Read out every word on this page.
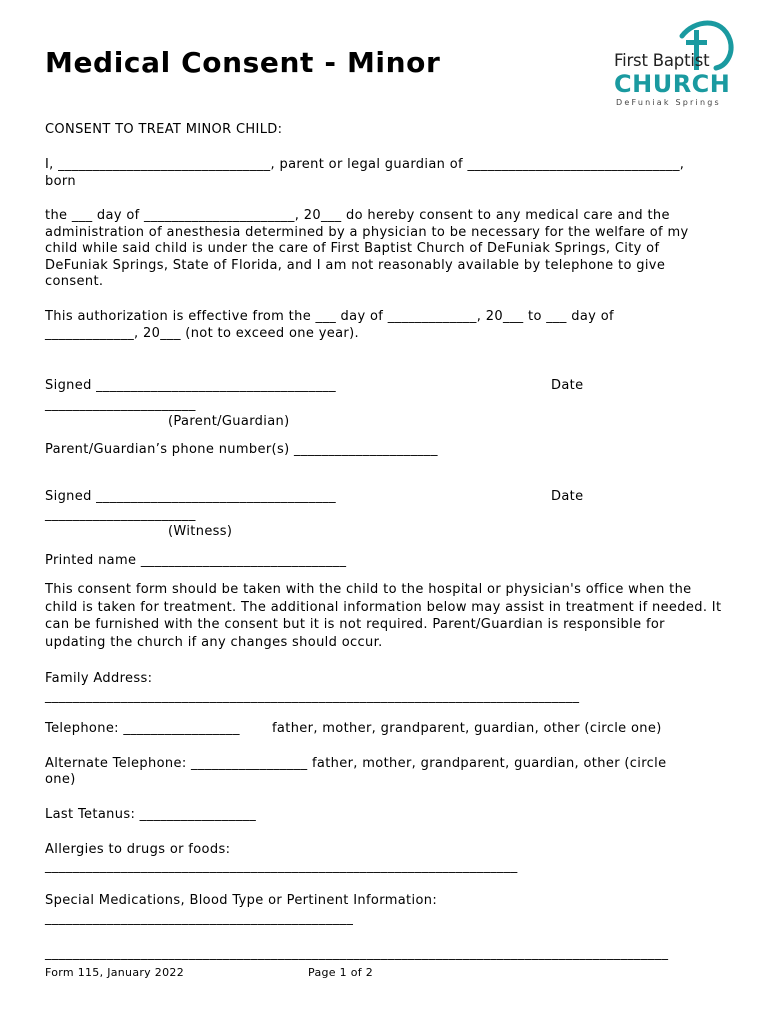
Medical Consent - Minor	First Baptist
CHURCH
DeFuniak Springs
CONSENT TO TREAT MINOR CHILD:
I, _______________________________, parent or legal guardian of _______________________________,
born
the ___ day of ______________________, 20___ do hereby consent to any medical care and the administration of anesthesia determined by a physician to be necessary for the welfare of my child while said child is under the care of First Baptist Church of DeFuniak Springs, City of DeFuniak Springs, State of Florida, and I am not reasonably available by telephone to give consent.
This authorization is effective from the ___ day of _____________, 20___ to ___ day of
_____________, 20___ (not to exceed one year).
Signed ___________________________________	Date
______________________
(Parent/Guardian)
Parent/Guardian’s phone number(s) _____________________
Signed ___________________________________	Date
______________________
(Witness)
Printed name ______________________________
This consent form should be taken with the child to the hospital or physician's office when the child is taken for treatment. The additional information below may assist in treatment if needed. It can be furnished with the consent but it is not required. Parent/Guardian is responsible for updating the church if any changes should occur.
Family Address:
______________________________________________________________________________
Telephone: _________________ father, mother, grandparent, guardian, other (circle one)
Alternate Telephone: _________________ father, mother, grandparent, guardian, other (circle
one)
Last Tetanus: _________________
Allergies to drugs or foods:
_____________________________________________________________________
Special Medications, Blood Type or Pertinent Information:
_____________________________________________
___________________________________________________________________________________________
Form 115, January 2022	Page 1 of 2
